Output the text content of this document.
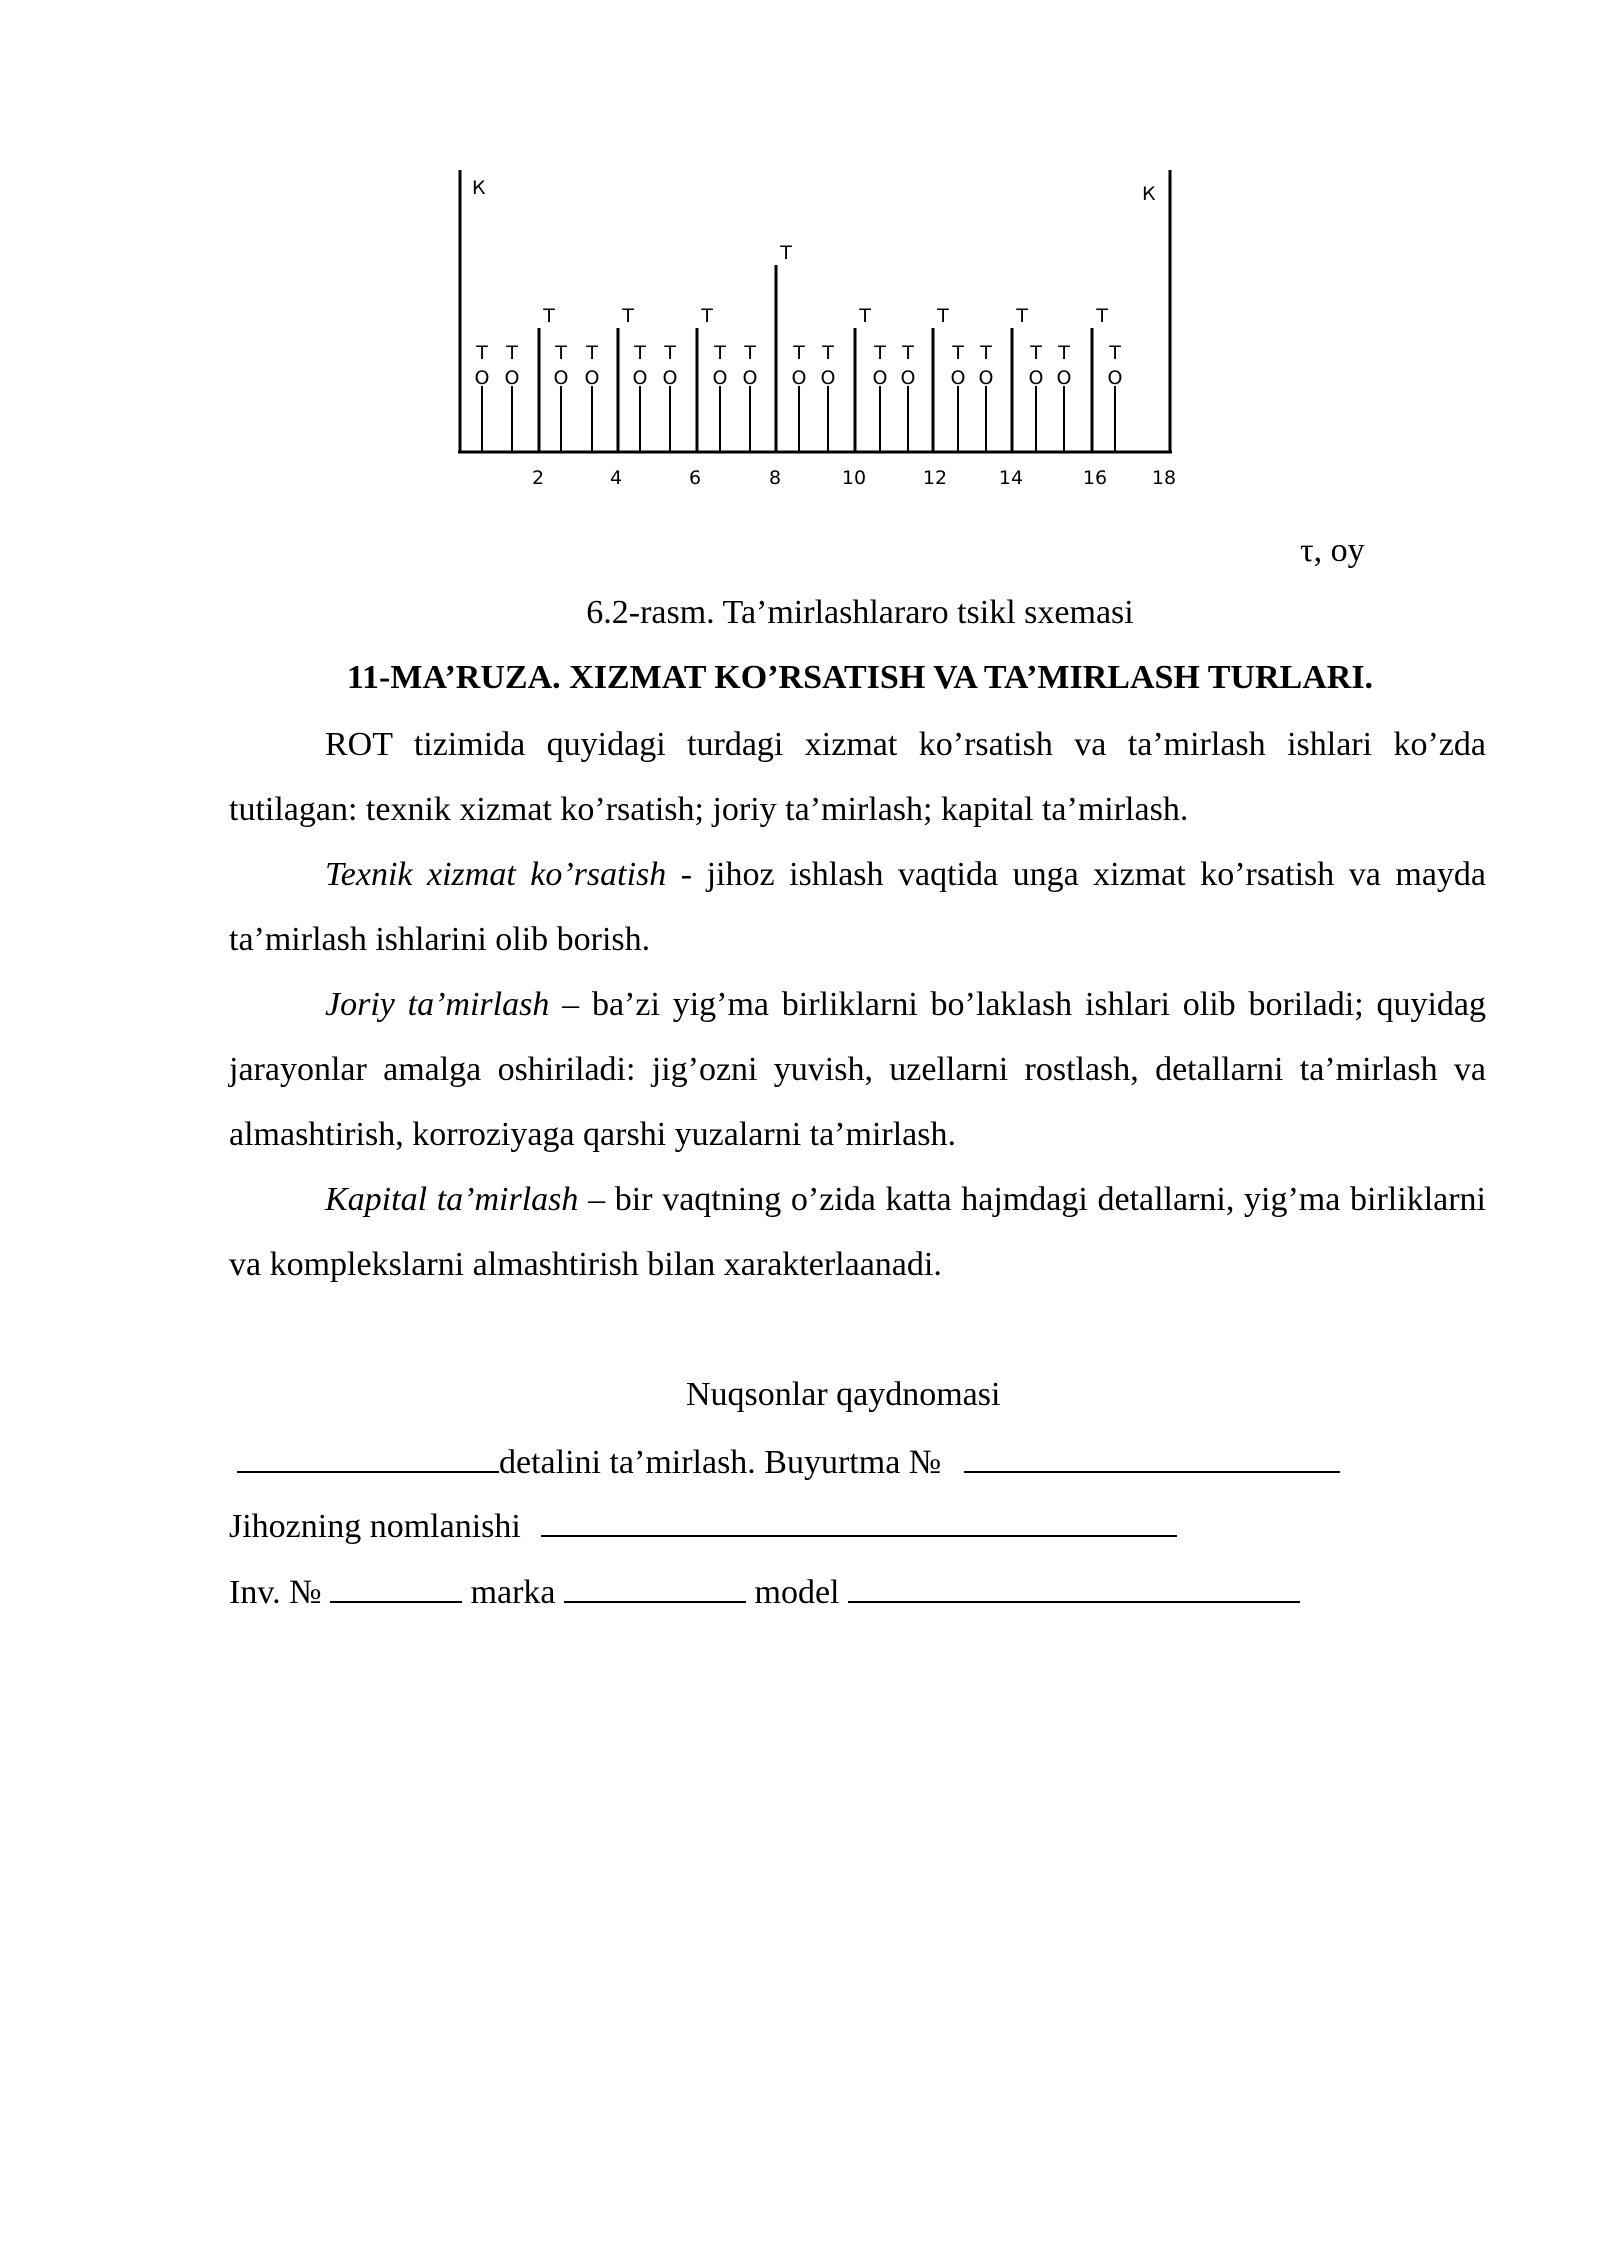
К	К
Т
Т
О
Т
О
Т
Т
О
Т
О
Т
Т
О
Т
О
Т
Т
О
Т
О
Т
О
Т
О
Т
Т
О
Т
О
Т
Т
О
Т
О
Т
Т
О
Т
О
Т
Т
О
2	4	6	8	10	12	14	16 18
τ, oy
6.2-rasm. Ta’mirlashlararo tsikl sxemasi
11-MA’RUZA. XIZMAT KO’RSATISH VA TA’MIRLASH TURLARI.

ROT tizimida quyidagi turdagi xizmat ko’rsatish va ta’mirlash ishlari ko’zda tutilagan: texnik xizmat ko’rsatish; joriy ta’mirlash; kapital ta’mirlash.

Texnik xizmat ko’rsatish - jihoz ishlash vaqtida unga xizmat ko’rsatish va mayda ta’mirlash ishlarini olib borish.

Joriy ta’mirlash – ba’zi yig’ma birliklarni bo’laklash ishlari olib boriladi; quyidag jarayonlar amalga oshiriladi: jig’ozni yuvish, uzellarni rostlash, detallarni ta’mirlash va almashtirish, korroziyaga qarshi yuzalarni ta’mirlash.

Kapital ta’mirlash – bir vaqtning o’zida katta hajmdagi detallarni, yig’ma birliklarni va komplekslarni almashtirish bilan xarakterlaanadi.

Nuqsonlar qaydnomasi
detalini ta’mirlash. Buyurtma №
Jihozning nomlanishi
Inv. №	marka	model
